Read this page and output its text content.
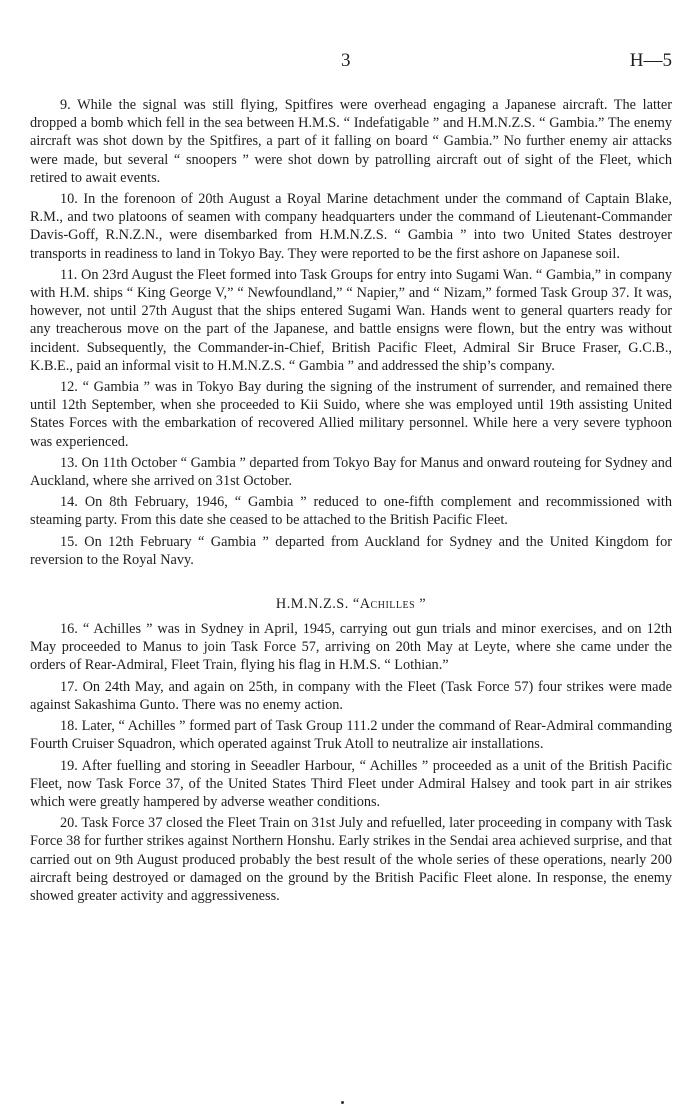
3	H—5

9. While the signal was still flying, Spitfires were overhead engaging a Japanese aircraft. The latter dropped a bomb which fell in the sea between H.M.S. “ Indefatigable ” and H.M.N.Z.S. “ Gambia.” The enemy aircraft was shot down by the Spitfires, a part of it falling on board “ Gambia.” No further enemy air attacks were made, but several “ snoopers ” were shot down by patrolling aircraft out of sight of the Fleet, which retired to await events.

10. In the forenoon of 20th August a Royal Marine detachment under the command of Captain Blake, R.M., and two platoons of seamen with company headquarters under the command of Lieutenant-Commander Davis-Goff, R.N.Z.N., were disembarked from H.M.N.Z.S. “ Gambia ” into two United States destroyer transports in readiness to land in Tokyo Bay. They were reported to be the first ashore on Japanese soil.

11. On 23rd August the Fleet formed into Task Groups for entry into Sugami Wan. “ Gambia,” in company with H.M. ships “ King George V,” “ Newfoundland,” “ Napier,” and “ Nizam,” formed Task Group 37. It was, however, not until 27th August that the ships entered Sugami Wan. Hands went to general quarters ready for any treacherous move on the part of the Japanese, and battle ensigns were flown, but the entry was without incident. Subsequently, the Commander-in-Chief, British Pacific Fleet, Admiral Sir Bruce Fraser, G.C.B., K.B.E., paid an informal visit to H.M.N.Z.S. “ Gambia ” and addressed the ship’s company.

12. “ Gambia ” was in Tokyo Bay during the signing of the instrument of surrender, and remained there until 12th September, when she proceeded to Kii Suido, where she was employed until 19th assisting United States Forces with the embarkation of recovered Allied military personnel. While here a very severe typhoon was experienced.

13. On 11th October “ Gambia ” departed from Tokyo Bay for Manus and onward routeing for Sydney and Auckland, where she arrived on 31st October.

14. On 8th February, 1946, “ Gambia ” reduced to one-fifth complement and recommissioned with steaming party. From this date she ceased to be attached to the British Pacific Fleet.

15. On 12th February “ Gambia ” departed from Auckland for Sydney and the United Kingdom for reversion to the Royal Navy.

H.M.N.Z.S. “Achilles ”

16. “ Achilles ” was in Sydney in April, 1945, carrying out gun trials and minor exercises, and on 12th May proceeded to Manus to join Task Force 57, arriving on 20th May at Leyte, where she came under the orders of Rear-Admiral, Fleet Train, flying his flag in H.M.S. “ Lothian.”

17. On 24th May, and again on 25th, in company with the Fleet (Task Force 57) four strikes were made against Sakashima Gunto. There was no enemy action.

18. Later, “ Achilles ” formed part of Task Group 111.2 under the command of Rear-Admiral commanding Fourth Cruiser Squadron, which operated against Truk Atoll to neutralize air installations.

19. After fuelling and storing in Seeadler Harbour, “ Achilles ” proceeded as a unit of the British Pacific Fleet, now Task Force 37, of the United States Third Fleet under Admiral Halsey and took part in air strikes which were greatly hampered by adverse weather conditions.

20. Task Force 37 closed the Fleet Train on 31st July and refuelled, later proceeding in company with Task Force 38 for further strikes against Northern Honshu. Early strikes in the Sendai area achieved surprise, and that carried out on 9th August produced probably the best result of the whole series of these operations, nearly 200 aircraft being destroyed or damaged on the ground by the British Pacific Fleet alone. In response, the enemy showed greater activity and aggressiveness.
